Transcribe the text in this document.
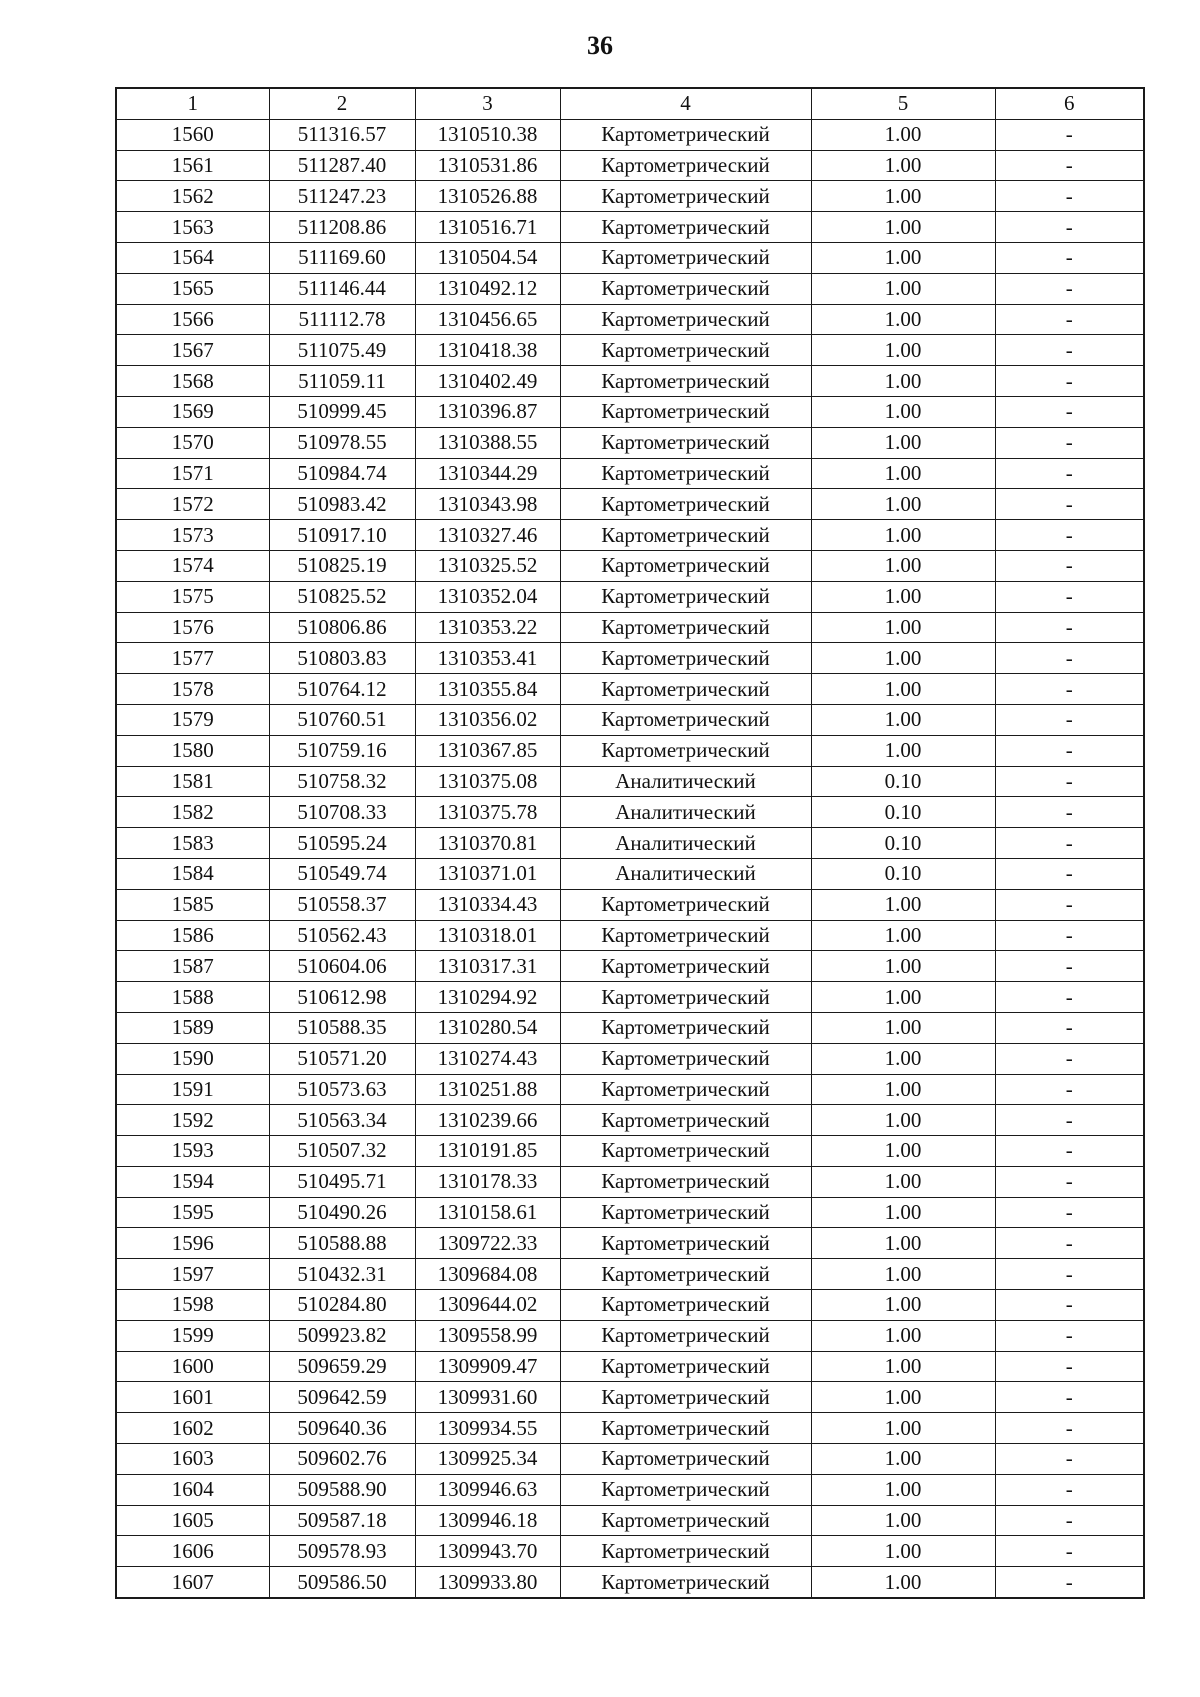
36
1	2	3	4	5	6
1560	511316.57	1310510.38	Картометрический	1.00	-
1561	511287.40	1310531.86	Картометрический	1.00	-
1562	511247.23	1310526.88	Картометрический	1.00	-
1563	511208.86	1310516.71	Картометрический	1.00	-
1564	511169.60	1310504.54	Картометрический	1.00	-
1565	511146.44	1310492.12	Картометрический	1.00	-
1566	511112.78	1310456.65	Картометрический	1.00	-
1567	511075.49	1310418.38	Картометрический	1.00	-
1568	511059.11	1310402.49	Картометрический	1.00	-
1569	510999.45	1310396.87	Картометрический	1.00	-
1570	510978.55	1310388.55	Картометрический	1.00	-
1571	510984.74	1310344.29	Картометрический	1.00	-
1572	510983.42	1310343.98	Картометрический	1.00	-
1573	510917.10	1310327.46	Картометрический	1.00	-
1574	510825.19	1310325.52	Картометрический	1.00	-
1575	510825.52	1310352.04	Картометрический	1.00	-
1576	510806.86	1310353.22	Картометрический	1.00	-
1577	510803.83	1310353.41	Картометрический	1.00	-
1578	510764.12	1310355.84	Картометрический	1.00	-
1579	510760.51	1310356.02	Картометрический	1.00	-
1580	510759.16	1310367.85	Картометрический	1.00	-
1581	510758.32	1310375.08	Аналитический	0.10	-
1582	510708.33	1310375.78	Аналитический	0.10	-
1583	510595.24	1310370.81	Аналитический	0.10	-
1584	510549.74	1310371.01	Аналитический	0.10	-
1585	510558.37	1310334.43	Картометрический	1.00	-
1586	510562.43	1310318.01	Картометрический	1.00	-
1587	510604.06	1310317.31	Картометрический	1.00	-
1588	510612.98	1310294.92	Картометрический	1.00	-
1589	510588.35	1310280.54	Картометрический	1.00	-
1590	510571.20	1310274.43	Картометрический	1.00	-
1591	510573.63	1310251.88	Картометрический	1.00	-
1592	510563.34	1310239.66	Картометрический	1.00	-
1593	510507.32	1310191.85	Картометрический	1.00	-
1594	510495.71	1310178.33	Картометрический	1.00	-
1595	510490.26	1310158.61	Картометрический	1.00	-
1596	510588.88	1309722.33	Картометрический	1.00	-
1597	510432.31	1309684.08	Картометрический	1.00	-
1598	510284.80	1309644.02	Картометрический	1.00	-
1599	509923.82	1309558.99	Картометрический	1.00	-
1600	509659.29	1309909.47	Картометрический	1.00	-
1601	509642.59	1309931.60	Картометрический	1.00	-
1602	509640.36	1309934.55	Картометрический	1.00	-
1603	509602.76	1309925.34	Картометрический	1.00	-
1604	509588.90	1309946.63	Картометрический	1.00	-
1605	509587.18	1309946.18	Картометрический	1.00	-
1606	509578.93	1309943.70	Картометрический	1.00	-
1607	509586.50	1309933.80	Картометрический	1.00	-
